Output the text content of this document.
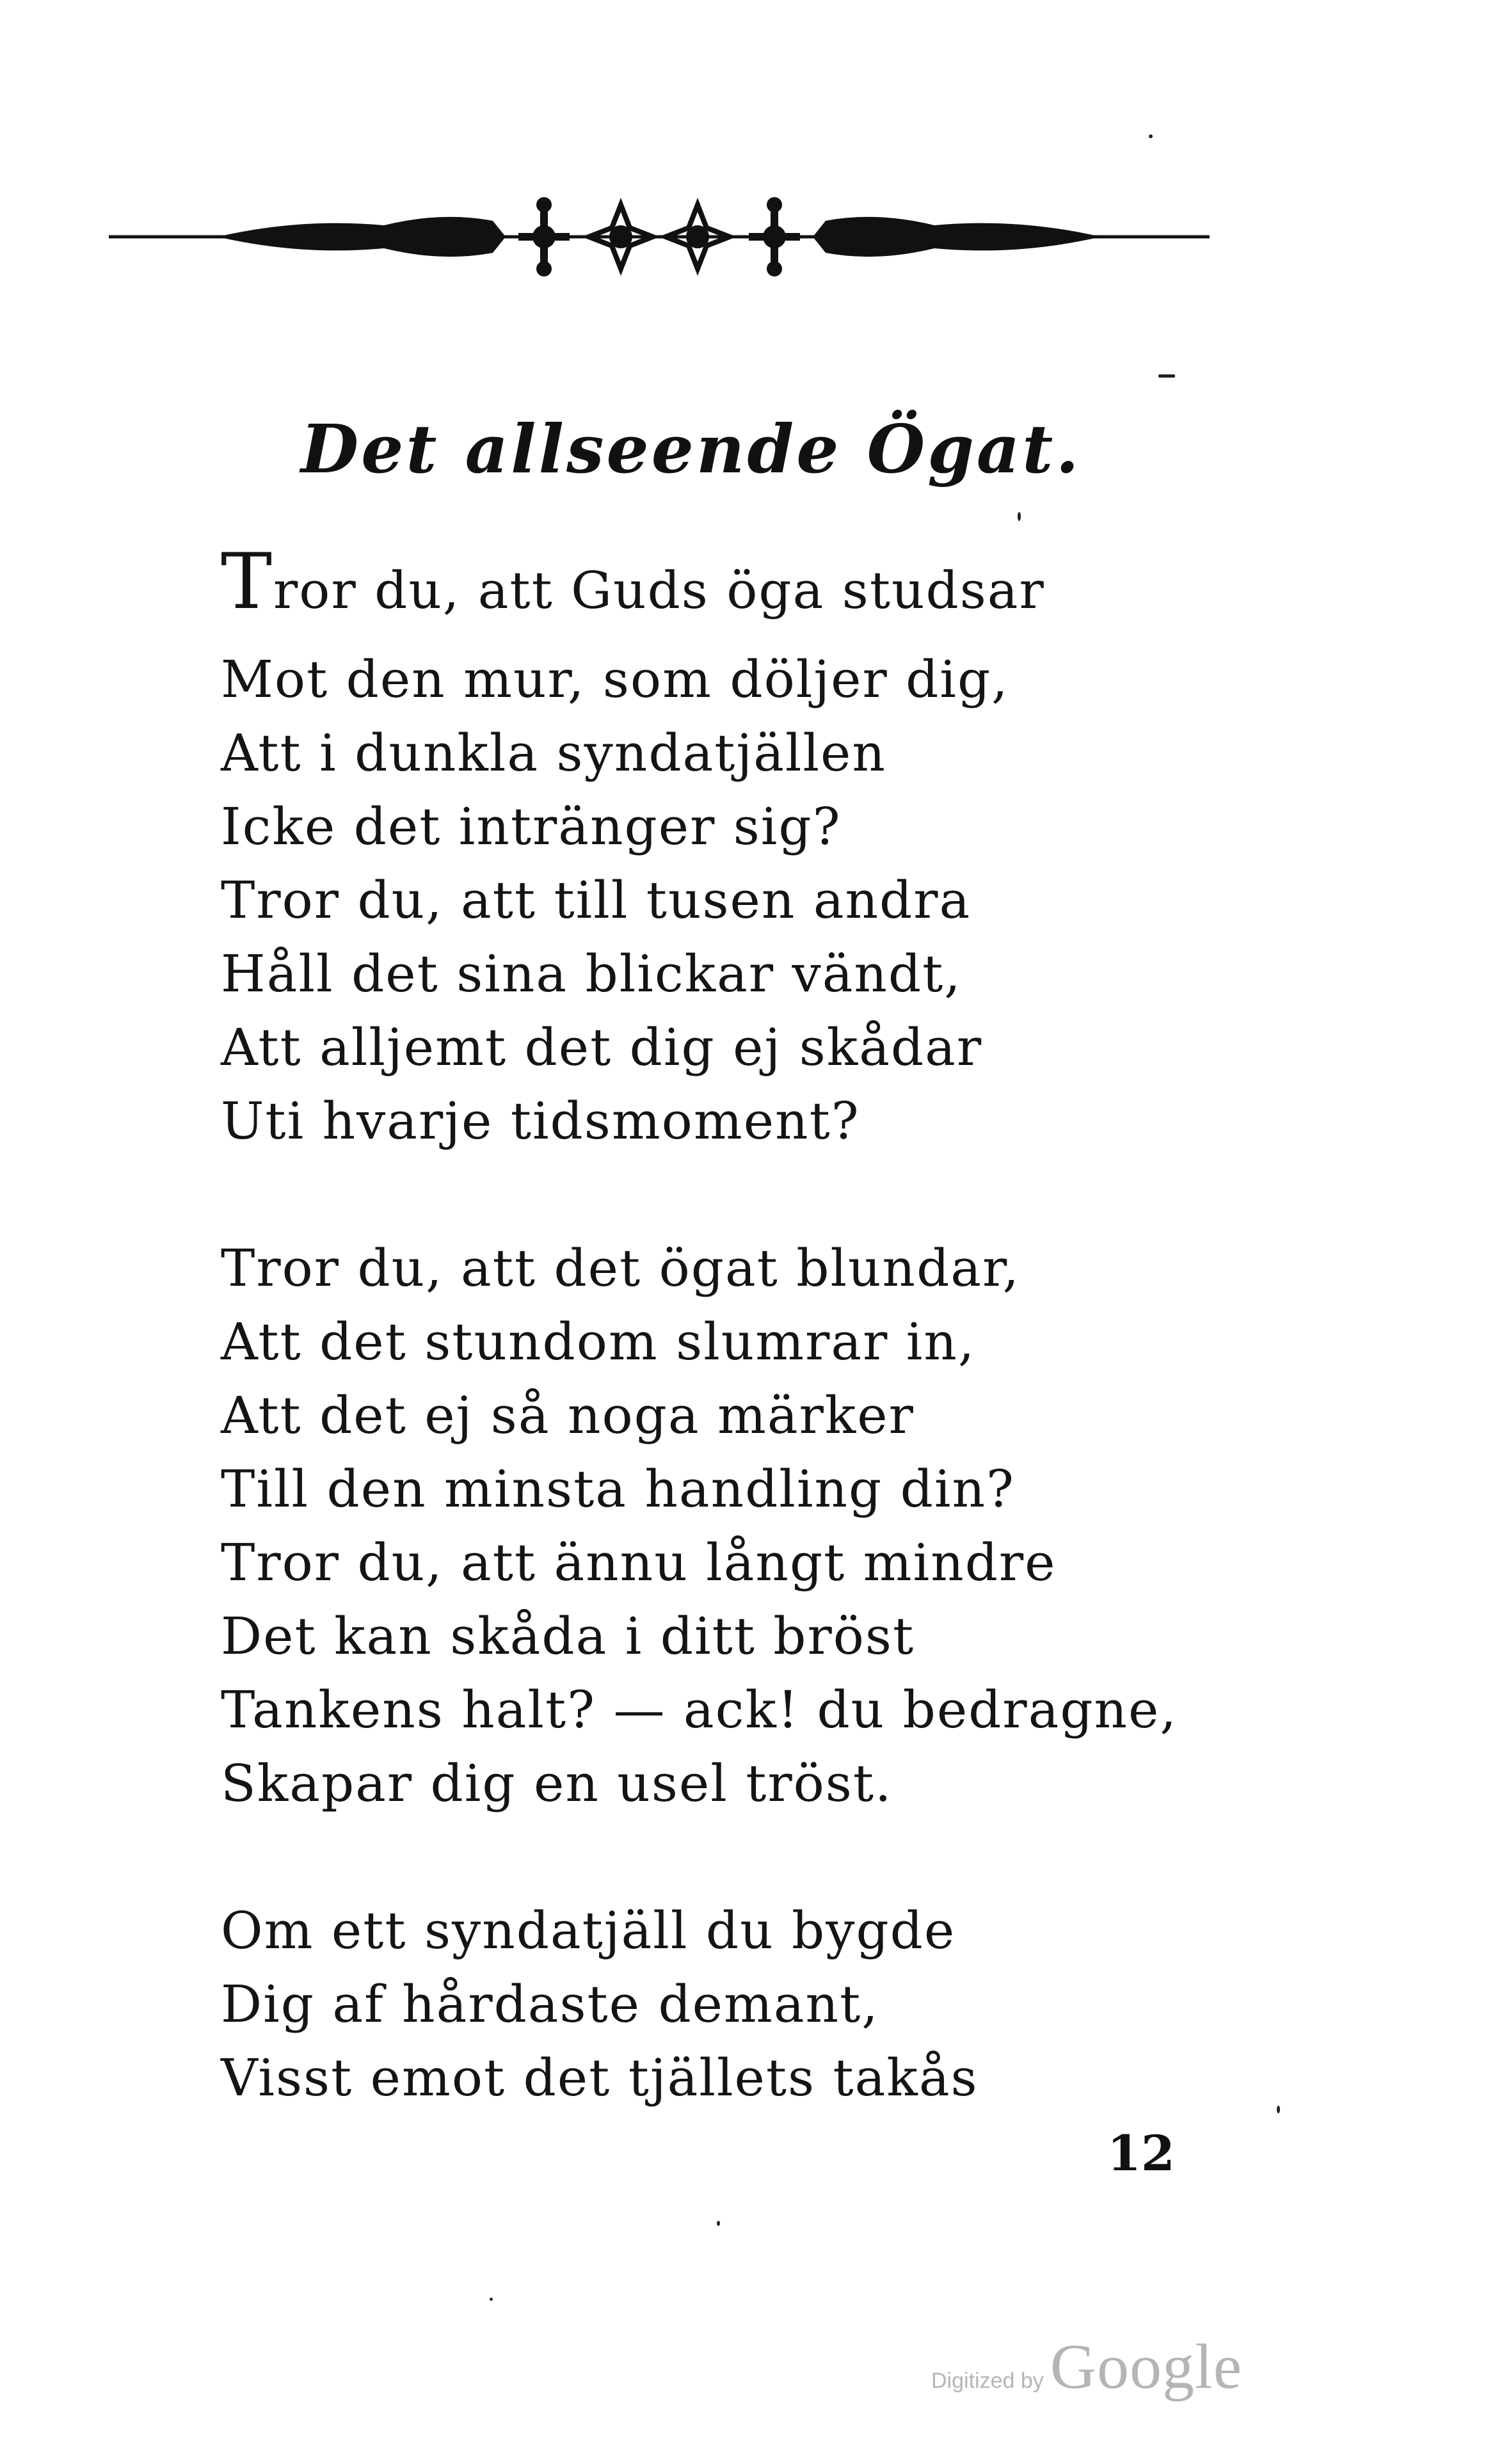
Det allseende Ögat.
Tror du, att Guds öga studsar
Mot den mur, som döljer dig,
Att i dunkla syndatjällen
Icke det intränger sig?
Tror du, att till tusen andra
Håll det sina blickar vändt,
Att alljemt det dig ej skådar
Uti hvarje tidsmoment?
Tror du, att det ögat blundar,
Att det stundom slumrar in,
Att det ej så noga märker
Till den minsta handling din?
Tror du, att ännu långt mindre
Det kan skåda i ditt bröst
Tankens halt? — ack! du bedragne,
Skapar dig en usel tröst.
Om ett syndatjäll du bygde
Dig af hårdaste demant,
Visst emot det tjällets takås
12
Digitized by Google
